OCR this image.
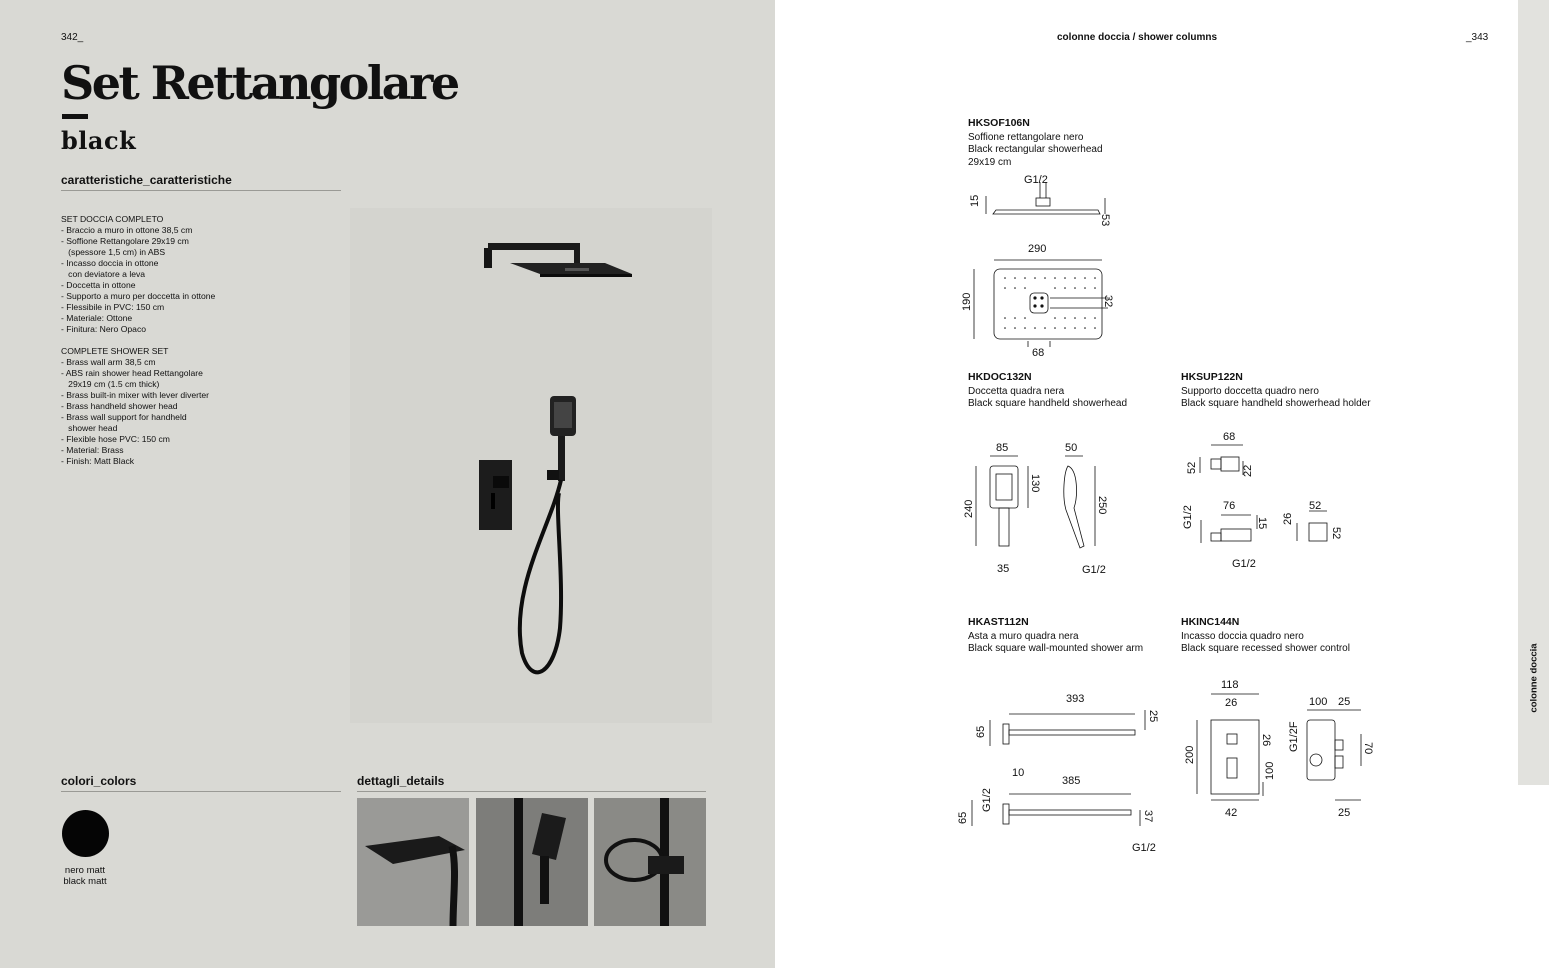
342_
Set Rettangolare
black
caratteristiche_caratteristiche
SET DOCCIA COMPLETO
- Braccio a muro in ottone 38,5 cm
- Soffione Rettangolare 29x19 cm
(spessore 1,5 cm) in ABS
- Incasso doccia in ottone
con deviatore a leva
- Doccetta in ottone
- Supporto a muro per doccetta in ottone
- Flessibile in PVC: 150 cm
- Materiale: Ottone
- Finitura: Nero Opaco
COMPLETE SHOWER SET
- Brass wall arm 38,5 cm
- ABS rain shower head Rettangolare
29x19 cm (1.5 cm thick)
- Brass built-in mixer with lever diverter
- Brass handheld shower head
- Brass wall support for handheld
shower head
- Flexible hose PVC: 150 cm
- Material: Brass
- Finish: Matt Black
colori_colors
nero matt
black matt
dettagli_details
colonne doccia / shower columns	_343
colonne doccia
HKSOF106N
Soffione rettangolare nero
Black rectangular showerhead
29x19 cm
G1/2
15
53
290
190	32
68
HKDOC132N
Doccetta quadra nera
Black square handheld showerhead
85	50
240
130
250
35	G1/2
HKSUP122N
Supporto doccetta quadro nero
Black square handheld showerhead holder
68
52	22
G1/2	76
15
G1/2
52
26
52
HKAST112N
Asta a muro quadra nera
Black square wall-mounted shower arm
393
25
65
10
385
65
G1/2
37
G1/2
HKINC144N
Incasso doccia quadro nero
Black square recessed shower control
118
26
200
26
100
42
100 25
G1/2F	70
25
